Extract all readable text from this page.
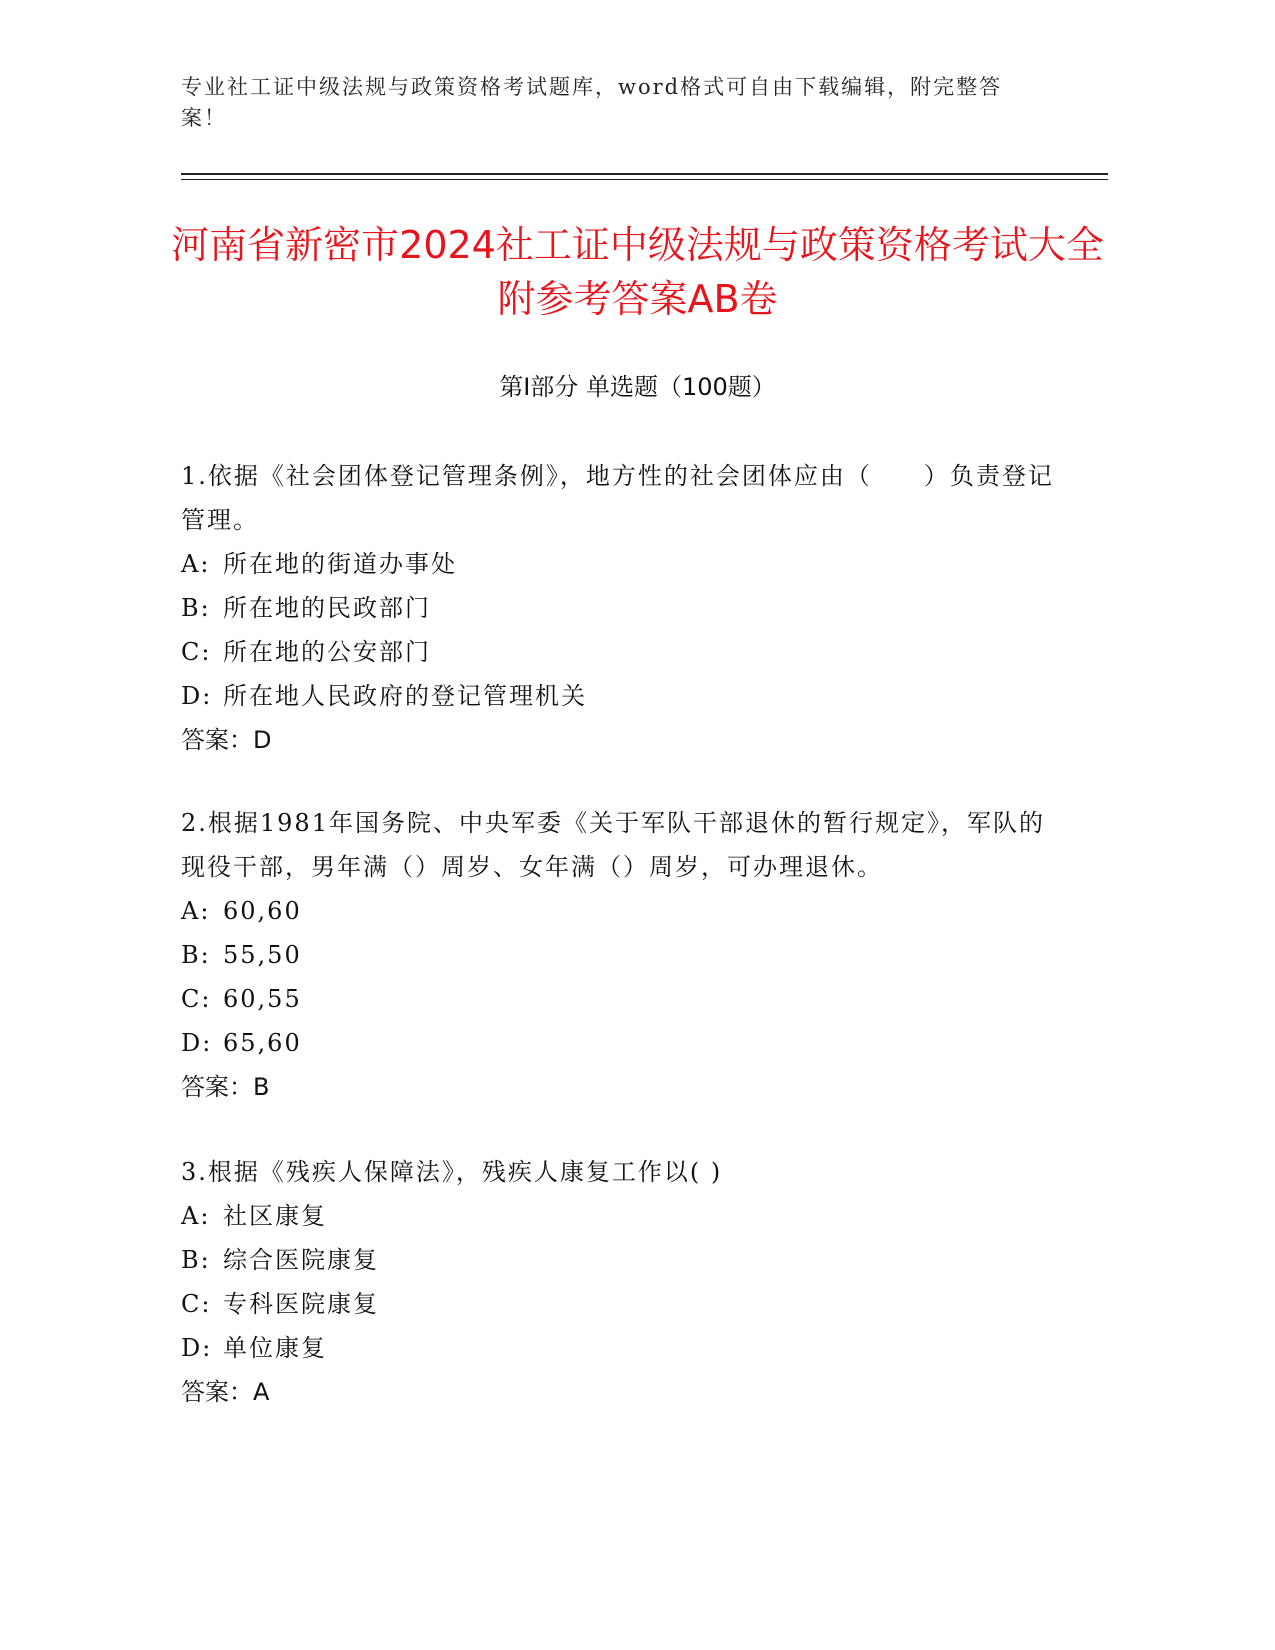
专业社工证中级法规与政策资格考试题库，word格式可自由下载编辑，附完整答案！
河南省新密市2024社工证中级法规与政策资格考试大全附参考答案AB卷
第Ⅰ部分 单选题（100题）

1.依据《社会团体登记管理条例》，地方性的社会团体应由（　　）负责登记管理。

A: 所在地的街道办事处

B: 所在地的民政部门

C: 所在地的公安部门

D: 所在地人民政府的登记管理机关

答案：D

2.根据1981年国务院、中央军委《关于军队干部退休的暂行规定》，军队的现役干部，男年满（）周岁、女年满（）周岁，可办理退休。

A: 60,60

B: 55,50

C: 60,55

D: 65,60

答案：B

3.根据《残疾人保障法》，残疾人康复工作以( )

A: 社区康复

B: 综合医院康复

C: 专科医院康复

D: 单位康复

答案：A
